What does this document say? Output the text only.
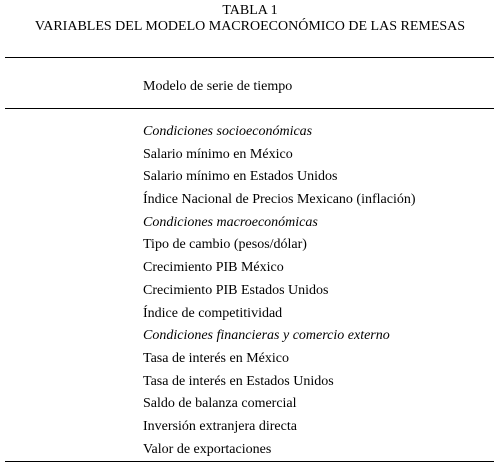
TABLA 1
VARIABLES DEL MODELO MACROECONÓMICO DE LAS REMESAS
Modelo de serie de tiempo
Condiciones socioeconómicas
Salario mínimo en México
Salario mínimo en Estados Unidos
Índice Nacional de Precios Mexicano (inflación)
Condiciones macroeconómicas
Tipo de cambio (pesos/dólar)
Crecimiento PIB México
Crecimiento PIB Estados Unidos
Índice de competitividad
Condiciones financieras y comercio externo
Tasa de interés en México
Tasa de interés en Estados Unidos
Saldo de balanza comercial
Inversión extranjera directa
Valor de exportaciones
